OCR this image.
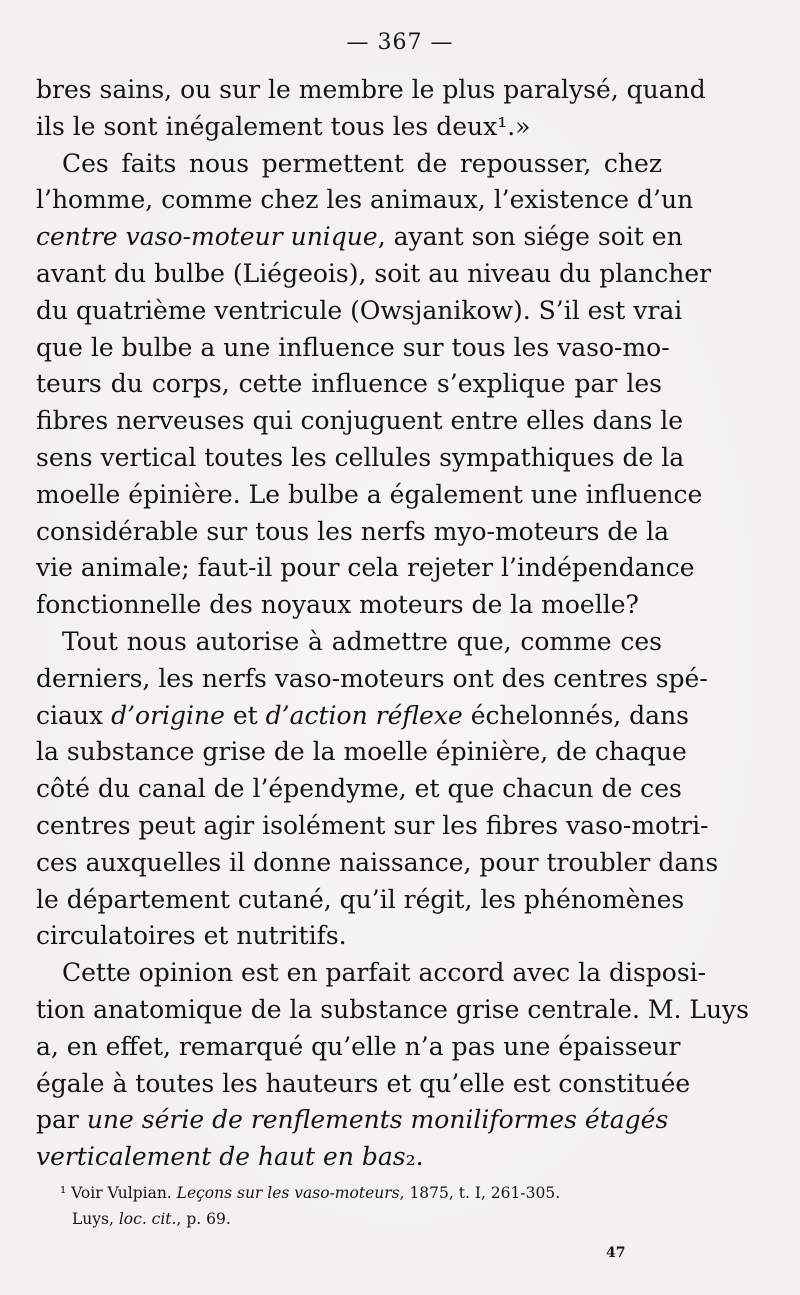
— 367 —
bres sains, ou sur le membre le plus paralysé, quand
ils le sont inégalement tous les deux¹.»
Ces faits nous permettent de repousser, chez
l’homme, comme chez les animaux, l’existence d’un
centre vaso-moteur unique, ayant son siége soit en
avant du bulbe (Liégeois), soit au niveau du plancher
du quatrième ventricule (Owsjanikow). S’il est vrai
que le bulbe a une influence sur tous les vaso-mo-
teurs du corps, cette influence s’explique par les
fibres nerveuses qui conjuguent entre elles dans le
sens vertical toutes les cellules sympathiques de la
moelle épinière. Le bulbe a également une influence
considérable sur tous les nerfs myo-moteurs de la
vie animale; faut-il pour cela rejeter l’indépendance
fonctionnelle des noyaux moteurs de la moelle?
Tout nous autorise à admettre que, comme ces
derniers, les nerfs vaso-moteurs ont des centres spé-
ciaux d’origine et d’action réflexe échelonnés, dans
la substance grise de la moelle épinière, de chaque
côté du canal de l’épendyme, et que chacun de ces
centres peut agir isolément sur les fibres vaso-motri-
ces auxquelles il donne naissance, pour troubler dans
le département cutané, qu’il régit, les phénomènes
circulatoires et nutritifs.
Cette opinion est en parfait accord avec la disposi-
tion anatomique de la substance grise centrale. M. Luys
a, en effet, remarqué qu’elle n’a pas une épaisseur
égale à toutes les hauteurs et qu’elle est constituée
par une série de renflements moniliformes étagés
verticalement de haut en bas₂.
¹ Voir Vulpian. Leçons sur les vaso-moteurs, 1875, t. I, 261-305.
Luys, loc. cit., p. 69.
47
